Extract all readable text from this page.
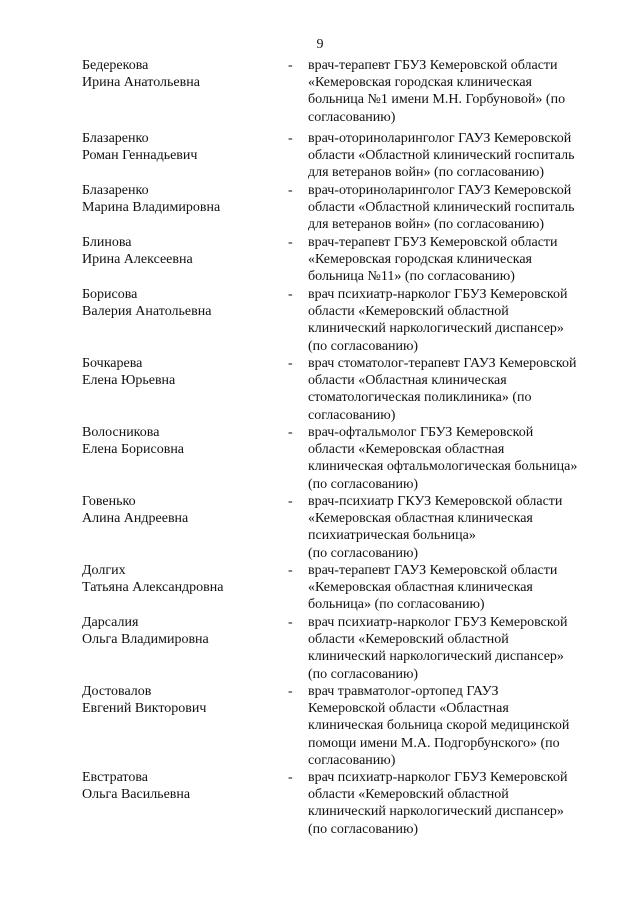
9
Бедерекова
Ирина Анатольевна
- врач-терапевт ГБУЗ Кемеровской области
«Кемеровская городская клиническая
больница №1 имени М.Н. Горбуновой» (по
согласованию)
Блазаренко
Роман Геннадьевич
- врач-оториноларинголог ГАУЗ Кемеровской
области «Областной клинический госпиталь
для ветеранов войн» (по согласованию)
Блазаренко
Марина Владимировна
- врач-оториноларинголог ГАУЗ Кемеровской
области «Областной клинический госпиталь
для ветеранов войн» (по согласованию)
Блинова
Ирина Алексеевна
- врач-терапевт ГБУЗ Кемеровской области
«Кемеровская городская клиническая
больница №11» (по согласованию)
Борисова
Валерия Анатольевна
- врач психиатр-нарколог ГБУЗ Кемеровской
области «Кемеровский областной
клинический наркологический диспансер»
(по согласованию)
Бочкарева
Елена Юрьевна
- врач стоматолог-терапевт ГАУЗ Кемеровской
области «Областная клиническая
стоматологическая поликлиника» (по
согласованию)
Волосникова
Елена Борисовна
- врач-офтальмолог ГБУЗ Кемеровской
области «Кемеровская областная
клиническая офтальмологическая больница»
(по согласованию)
Говенько
Алина Андреевна
- врач-психиатр ГКУЗ Кемеровской области
«Кемеровская областная клиническая
психиатрическая больница»
(по согласованию)
Долгих
Татьяна Александровна
- врач-терапевт ГАУЗ Кемеровской области
«Кемеровская областная клиническая
больница» (по согласованию)
Дарсалия
Ольга Владимировна
- врач психиатр-нарколог ГБУЗ Кемеровской
области «Кемеровский областной
клинический наркологический диспансер»
(по согласованию)
Достовалов
Евгений Викторович
- врач травматолог-ортопед ГАУЗ
Кемеровской области «Областная
клиническая больница скорой медицинской
помощи имени М.А. Подгорбунского» (по
согласованию)
Евстратова
Ольга Васильевна
- врач психиатр-нарколог ГБУЗ Кемеровской
области «Кемеровский областной
клинический наркологический диспансер»
(по согласованию)
